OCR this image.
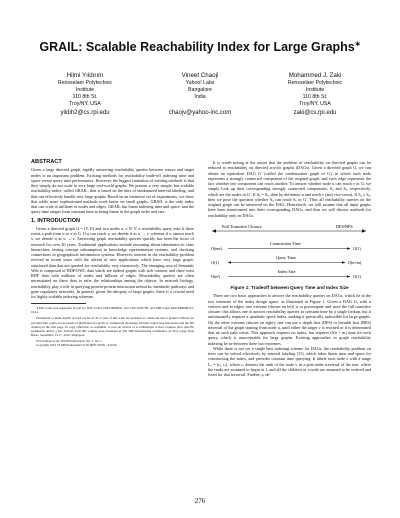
GRAIL: Scalable Reachability Index for Large Graphs∗
Hilmi Yıldırım
Rensselaer Polytechnic
Institute
110 8th St.
Troy/NY, USA
yildih2@cs.rpi.edu
Vineet Chaoji
Yahoo! Labs
Bangalore
India
chaojv@yahoo-inc.com
Mohammed J. Zaki
Rensselaer Polytechnic
Institute
110 8th St.
Troy/NY, USA
zaki@cs.rpi.edu
ABSTRACT

Given a large directed graph, rapidly answering reachability queries between source and target nodes is an important problem. Existing methods for reachability trade-off indexing time and space versus query time performance. However, the biggest limitation of existing methods is that they simply do not scale to very large real-world graphs. We present a very simple, but scalable reachability index, called GRAIL, that is based on the idea of randomized interval labeling, and that can effectively handle very large graphs. Based on an extensive set of experiments, we show that while more sophisticated methods work better on small graphs, GRAIL is the only index that can scale to millions of nodes and edges. GRAIL has linear indexing time and space, and the query time ranges from constant time to being linear in the graph order and size.

1. INTRODUCTION

Given a directed graph G = (V, E) and two nodes u, v ∈ V, a reachability query asks if there exists a path from u to v in G. If u can reach v, we denote it as u → v, whereas if u cannot reach v, we denote it as u ↛ v. Answering graph reachability queries quickly has been the focus of research for over 20 years. Traditional applications include reasoning about inheritance in class hierarchies, testing concept subsumption in knowledge representation systems, and checking connections in geographical information systems. However, interest in the reachability problem revived in recent years with the advent of new applications which have very large graph-structured data that are queried for reachability very extensively. The emerging area of Semantic Web is composed of RDF/OWL data which are indeed graphs with rich content, and there exist RDF data with millions of nodes and billions of edges. Reachability queries are often necessitated on these data to infer the relationships among the objects. In network biology, reachability play a role in querying protein-protein interaction networks, metabolic pathways and gene regulatory networks. In general, given the ubiquity of large graphs, there is a crucial need for highly scalable indexing schemes.

∗This work was supported in part by NSF Grants EMT-0829835, and CNS-0103708, and NIH Grant 1R01EB0080161-01A1.

Permission to make digital or hard copies of all or part of this work for personal or classroom use is granted without fee provided that copies are not made or distributed for profit or commercial advantage and that copies bear this notice and the full citation on the first page. To copy otherwise, to republish, to post on servers or to redistribute to lists, requires prior specific permission and/or a fee. Articles from this volume were presented at The 36th International Conference on Very Large Data Bases, September 13-17, 2010, Singapore.

Proceedings of the VLDB Endowment, Vol. 3, No. 1

Copyright 2010 VLDB Endowment 2150-8097/10/09... $10.00.

It is worth noting at the outset that the problem of reachability on directed graphs can be reduced to reachability on directed acyclic graphs (DAGs). Given a directed graph G, we can obtain an equivalent DAG G′ (called the condensation graph of G), in which each node represents a strongly connected component of the original graph, and each edge represents the fact whether one component can reach another. To answer whether node u can reach v in G, we simply look up their corresponding strongly connected components, Sᵤ and Sᵥ, respectively, which are the nodes in G′. If Sᵤ = Sᵥ, then by definition u and reach v (and vice-versa). If Sᵤ ≠ Sᵥ, then we pose the question whether Sᵤ can reach Sᵥ in G′. Thus all reachability queries on the original graph can be answered on the DAG. Henceforth, we will assume that all input graphs have been transformed into their corresponding DAGs, and thus we will discuss methods for reachability only on DAGs.

Full Transitive Closure	DFS/BFS
Construction Time
O(nm)	O(1)
Query Time
O(1)	O(n+m)
Index Size
O(n²)	O(1)
Figure 1: Tradeoff between Query Time and Index Size

There are two basic approaches to answer the reachability queries on DAGs, which lie at the two extremes of the index design space, as illustrated in Figure 1. Given a DAG G, with n vertices and m edges, one extreme (shown on left) is to precompute and store the full transitive closure; this allows one to answer reachability queries in constant time by a single lookup, but it unfortunately requires a quadratic space index, making it practically unfeasible for large graphs. On the other extreme (shown on right), one can use a depth first (DFS) or breadth first (BFS) traversal of the graph starting from node u, until either the target v is reached or it is determined that no such path exists. This approach requires no index, but requires O(n + m) time for each query, which is unacceptable for large graphs. Existing approaches to graph reachability indexing lie in-between these two extremes.

While there is not yet a single best indexing scheme for DAGs, the reachability problem on trees can be solved effectively by interval labeling [11], which takes linear time and space for constructing the index, and provides constant time querying. It labels each node v with a range Lᵥ = [rₓ, rᵥ], where rᵥ denotes the rank of the node v in a post-order traversal of the tree, where the ranks are assumed to begin at 1, and all the children of a node are assumed to be ordered and fixed for that traversal. Further, rₓ de-

276
